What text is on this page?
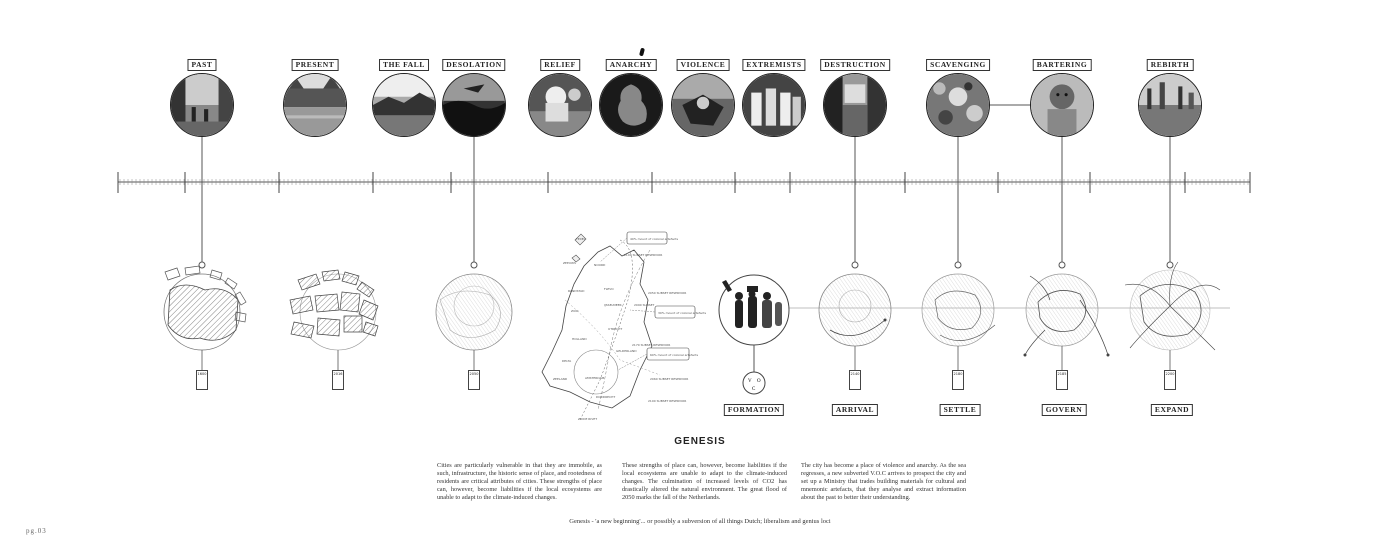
TEXEL
ZEEUWS
FLEVO
AMSTERDAM
RANDSTAD
ZEELAND
UTRECHT
GELDERLAND
NOORD
ZUID
HOLLAND
DELTA
IJSSELMEER
DORDRECHT
2100 SUBSET RESERVOIR
2050 SUBSET RESERVOIR
2090 SUBSET
2170 SUBSET RESERVOIR
2060 SUBSET RESERVOIR
2100 SUBSET RESERVOIR
ZUIDE RIVET
40% mount of colonial artefacts
30% mount of colonial artefacts
60% mount of colonial artefacts
V O
C
PAST	PRESENT	THE FALL	DESOLATION	RELIEF	ANARCHY	VIOLENCE	EXTREMISTS	DESTRUCTION	SCAVENGING	BARTERING	REBIRTH
1600	2016	2050	2140	2180	2185	2200
FORMATION	ARRIVAL	SETTLE	GOVERN	EXPAND
GENESIS
Cities are particularly vulnerable in that they are immobile, as such, infrastructure, the historic sense of place, and rootedness of residents are critical attributes of cities. These strengths of place can, however, become liabilities if the local ecosystems are unable to adapt to the climate-induced changes.
These strengths of place can, however, become liabilities if the local ecosystems are unable to adapt to the climate-induced changes. The culmination of increased levels of CO2 has drastically altered the natural environment. The great flood of 2050 marks the fall of the Netherlands.
The city has become a place of violence and anarchy. As the sea regresses, a new subverted V.O.C arrives to prospect the city and set up a Ministry that trades building materials for cultural and mnemonic artefacts, that they analyse and extract information about the past to better their understanding.
Genesis - 'a new beginning'... or possibly a subversion of all things Dutch; liberalism and genius loci
pg.03
